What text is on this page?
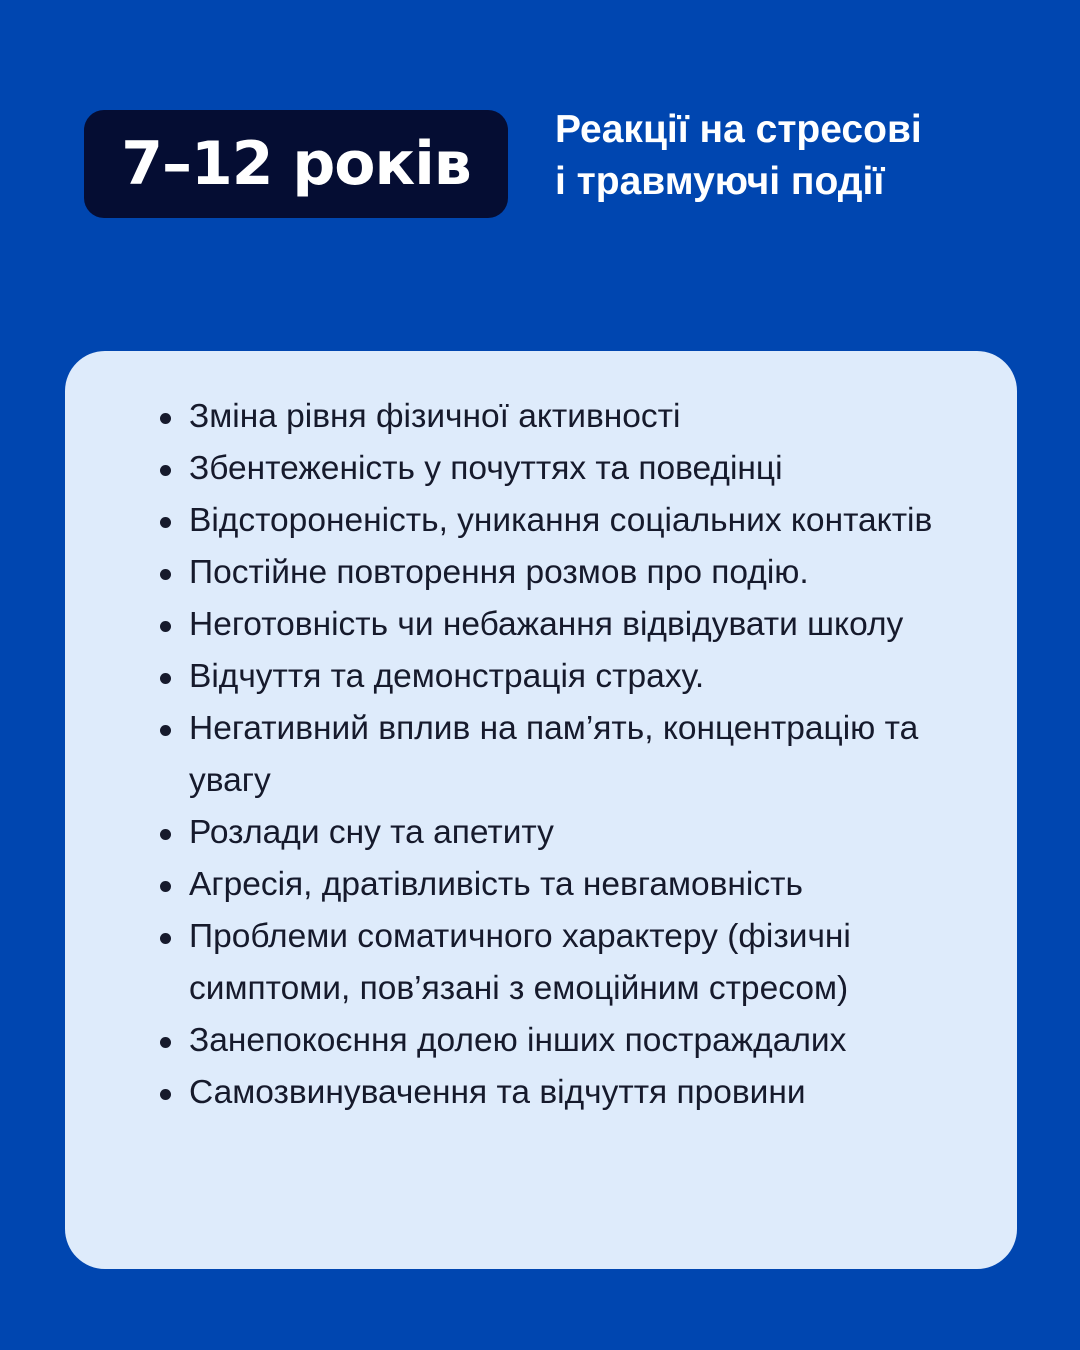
7–12 років Реакції на стресові
і травмуючі події
Зміна рівня фізичної активності
Збентеженість у почуттях та поведінці
Відстороненість, уникання соціальних контактів
Постійне повторення розмов про подію.
Неготовність чи небажання відвідувати школу
Відчуття та демонстрація страху.
Негативний вплив на пам’ять, концентрацію та увагу
Розлади сну та апетиту
Агресія, дратівливість та невгамовність
Проблеми соматичного характеру (фізичні симптоми, пов’язані з емоційним стресом)
Занепокоєння долею інших постраждалих
Самозвинувачення та відчуття провини
